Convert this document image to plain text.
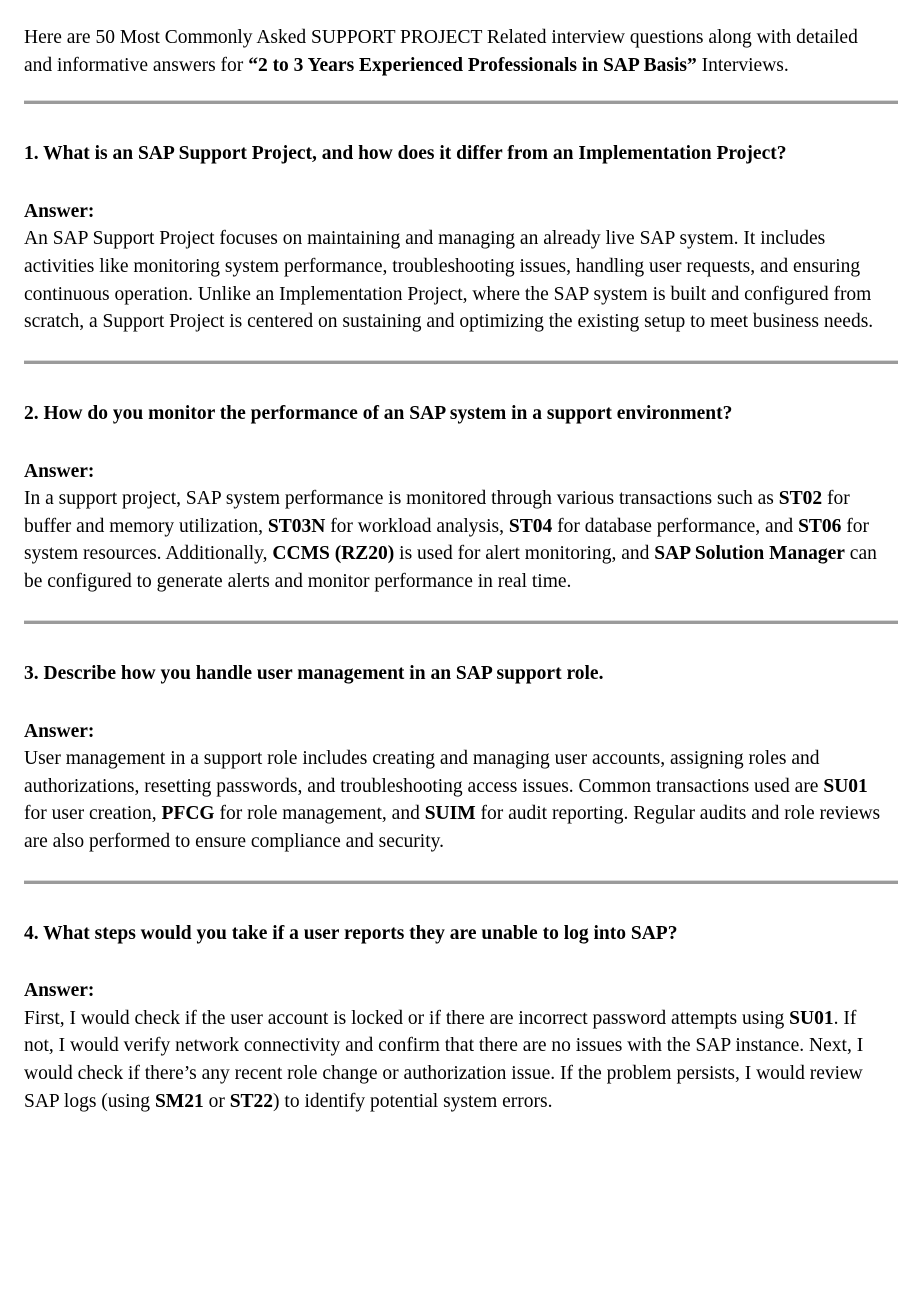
Here are 50 Most Commonly Asked SUPPORT PROJECT Related interview questions along with detailed and informative answers for “2 to 3 Years Experienced Professionals in SAP Basis” Interviews.

1. What is an SAP Support Project, and how does it differ from an Implementation Project?

Answer:

An SAP Support Project focuses on maintaining and managing an already live SAP system. It includes activities like monitoring system performance, troubleshooting issues, handling user requests, and ensuring continuous operation. Unlike an Implementation Project, where the SAP system is built and configured from scratch, a Support Project is centered on sustaining and optimizing the existing setup to meet business needs.

2. How do you monitor the performance of an SAP system in a support environment?

Answer:

In a support project, SAP system performance is monitored through various transactions such as ST02 for buffer and memory utilization, ST03N for workload analysis, ST04 for database performance, and ST06 for system resources. Additionally, CCMS (RZ20) is used for alert monitoring, and SAP Solution Manager can be configured to generate alerts and monitor performance in real time.

3. Describe how you handle user management in an SAP support role.

Answer:

User management in a support role includes creating and managing user accounts, assigning roles and authorizations, resetting passwords, and troubleshooting access issues. Common transactions used are SU01 for user creation, PFCG for role management, and SUIM for audit reporting. Regular audits and role reviews are also performed to ensure compliance and security.

4. What steps would you take if a user reports they are unable to log into SAP?

Answer:

First, I would check if the user account is locked or if there are incorrect password attempts using SU01. If not, I would verify network connectivity and confirm that there are no issues with the SAP instance. Next, I would check if there’s any recent role change or authorization issue. If the problem persists, I would review SAP logs (using SM21 or ST22) to identify potential system errors.
